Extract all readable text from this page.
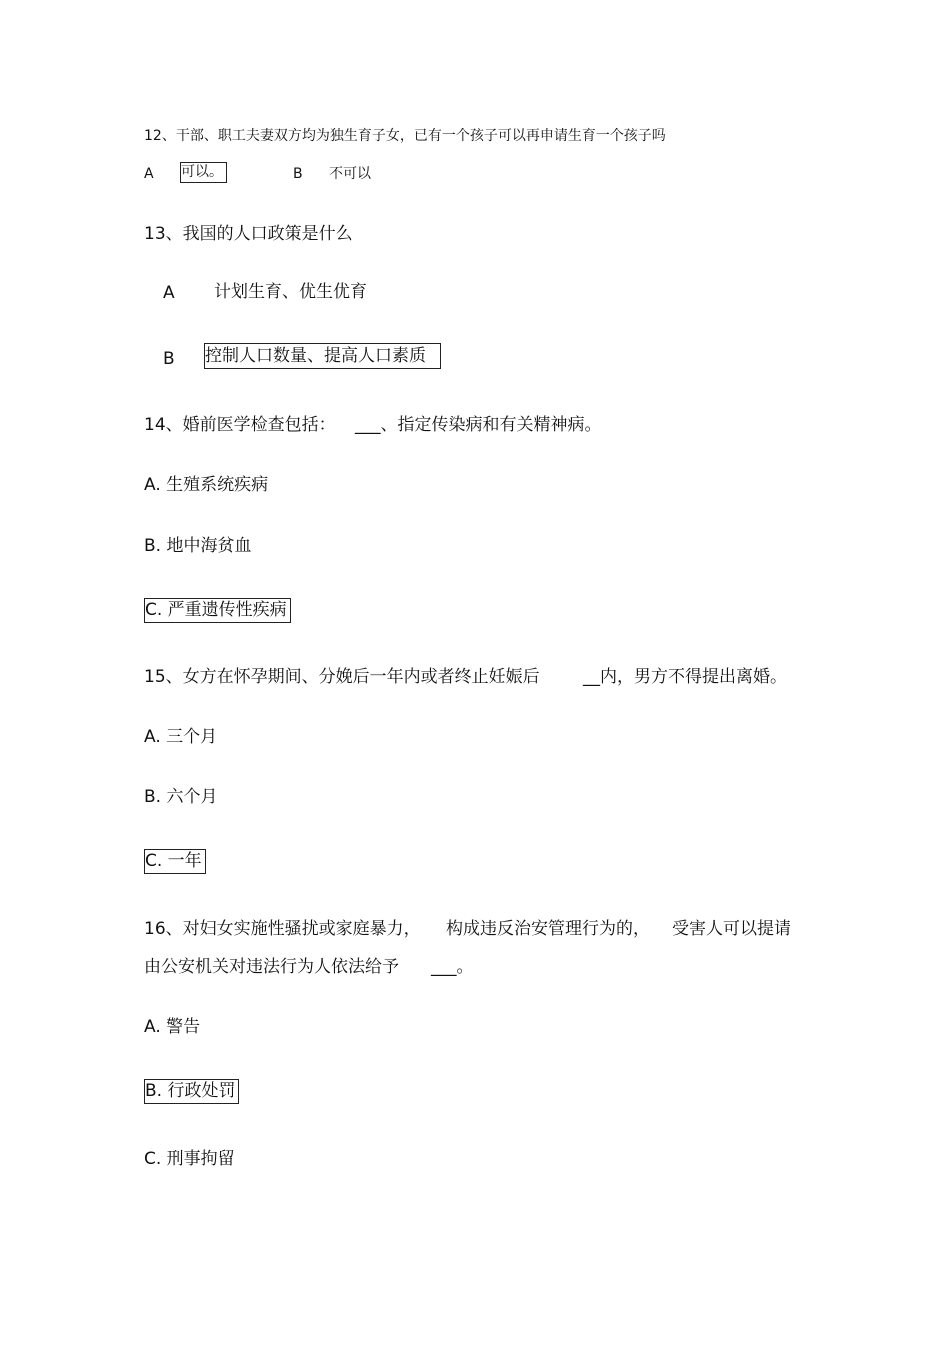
12、干部、职工夫妻双方均为独生育子女，已有一个孩子可以再申请生育一个孩子吗
A 可以。	B 不可以
13、我国的人口政策是什么
A 计划生育、优生优育
B 控制人口数量、提高人口素质
14、婚前医学检查包括： ___、指定传染病和有关精神病。
A. 生殖系统疾病
B. 地中海贫血
C. 严重遗传性疾病
15、女方在怀孕期间、分娩后一年内或者终止妊娠后	__内，男方不得提出离婚。
A. 三个月
B. 六个月
C. 一年
16、对妇女实施性骚扰或家庭暴力， 构成违反治安管理行为的， 受害人可以提请
由公安机关对违法行为人依法给予 ___。
A. 警告
B. 行政处罚
C. 刑事拘留
